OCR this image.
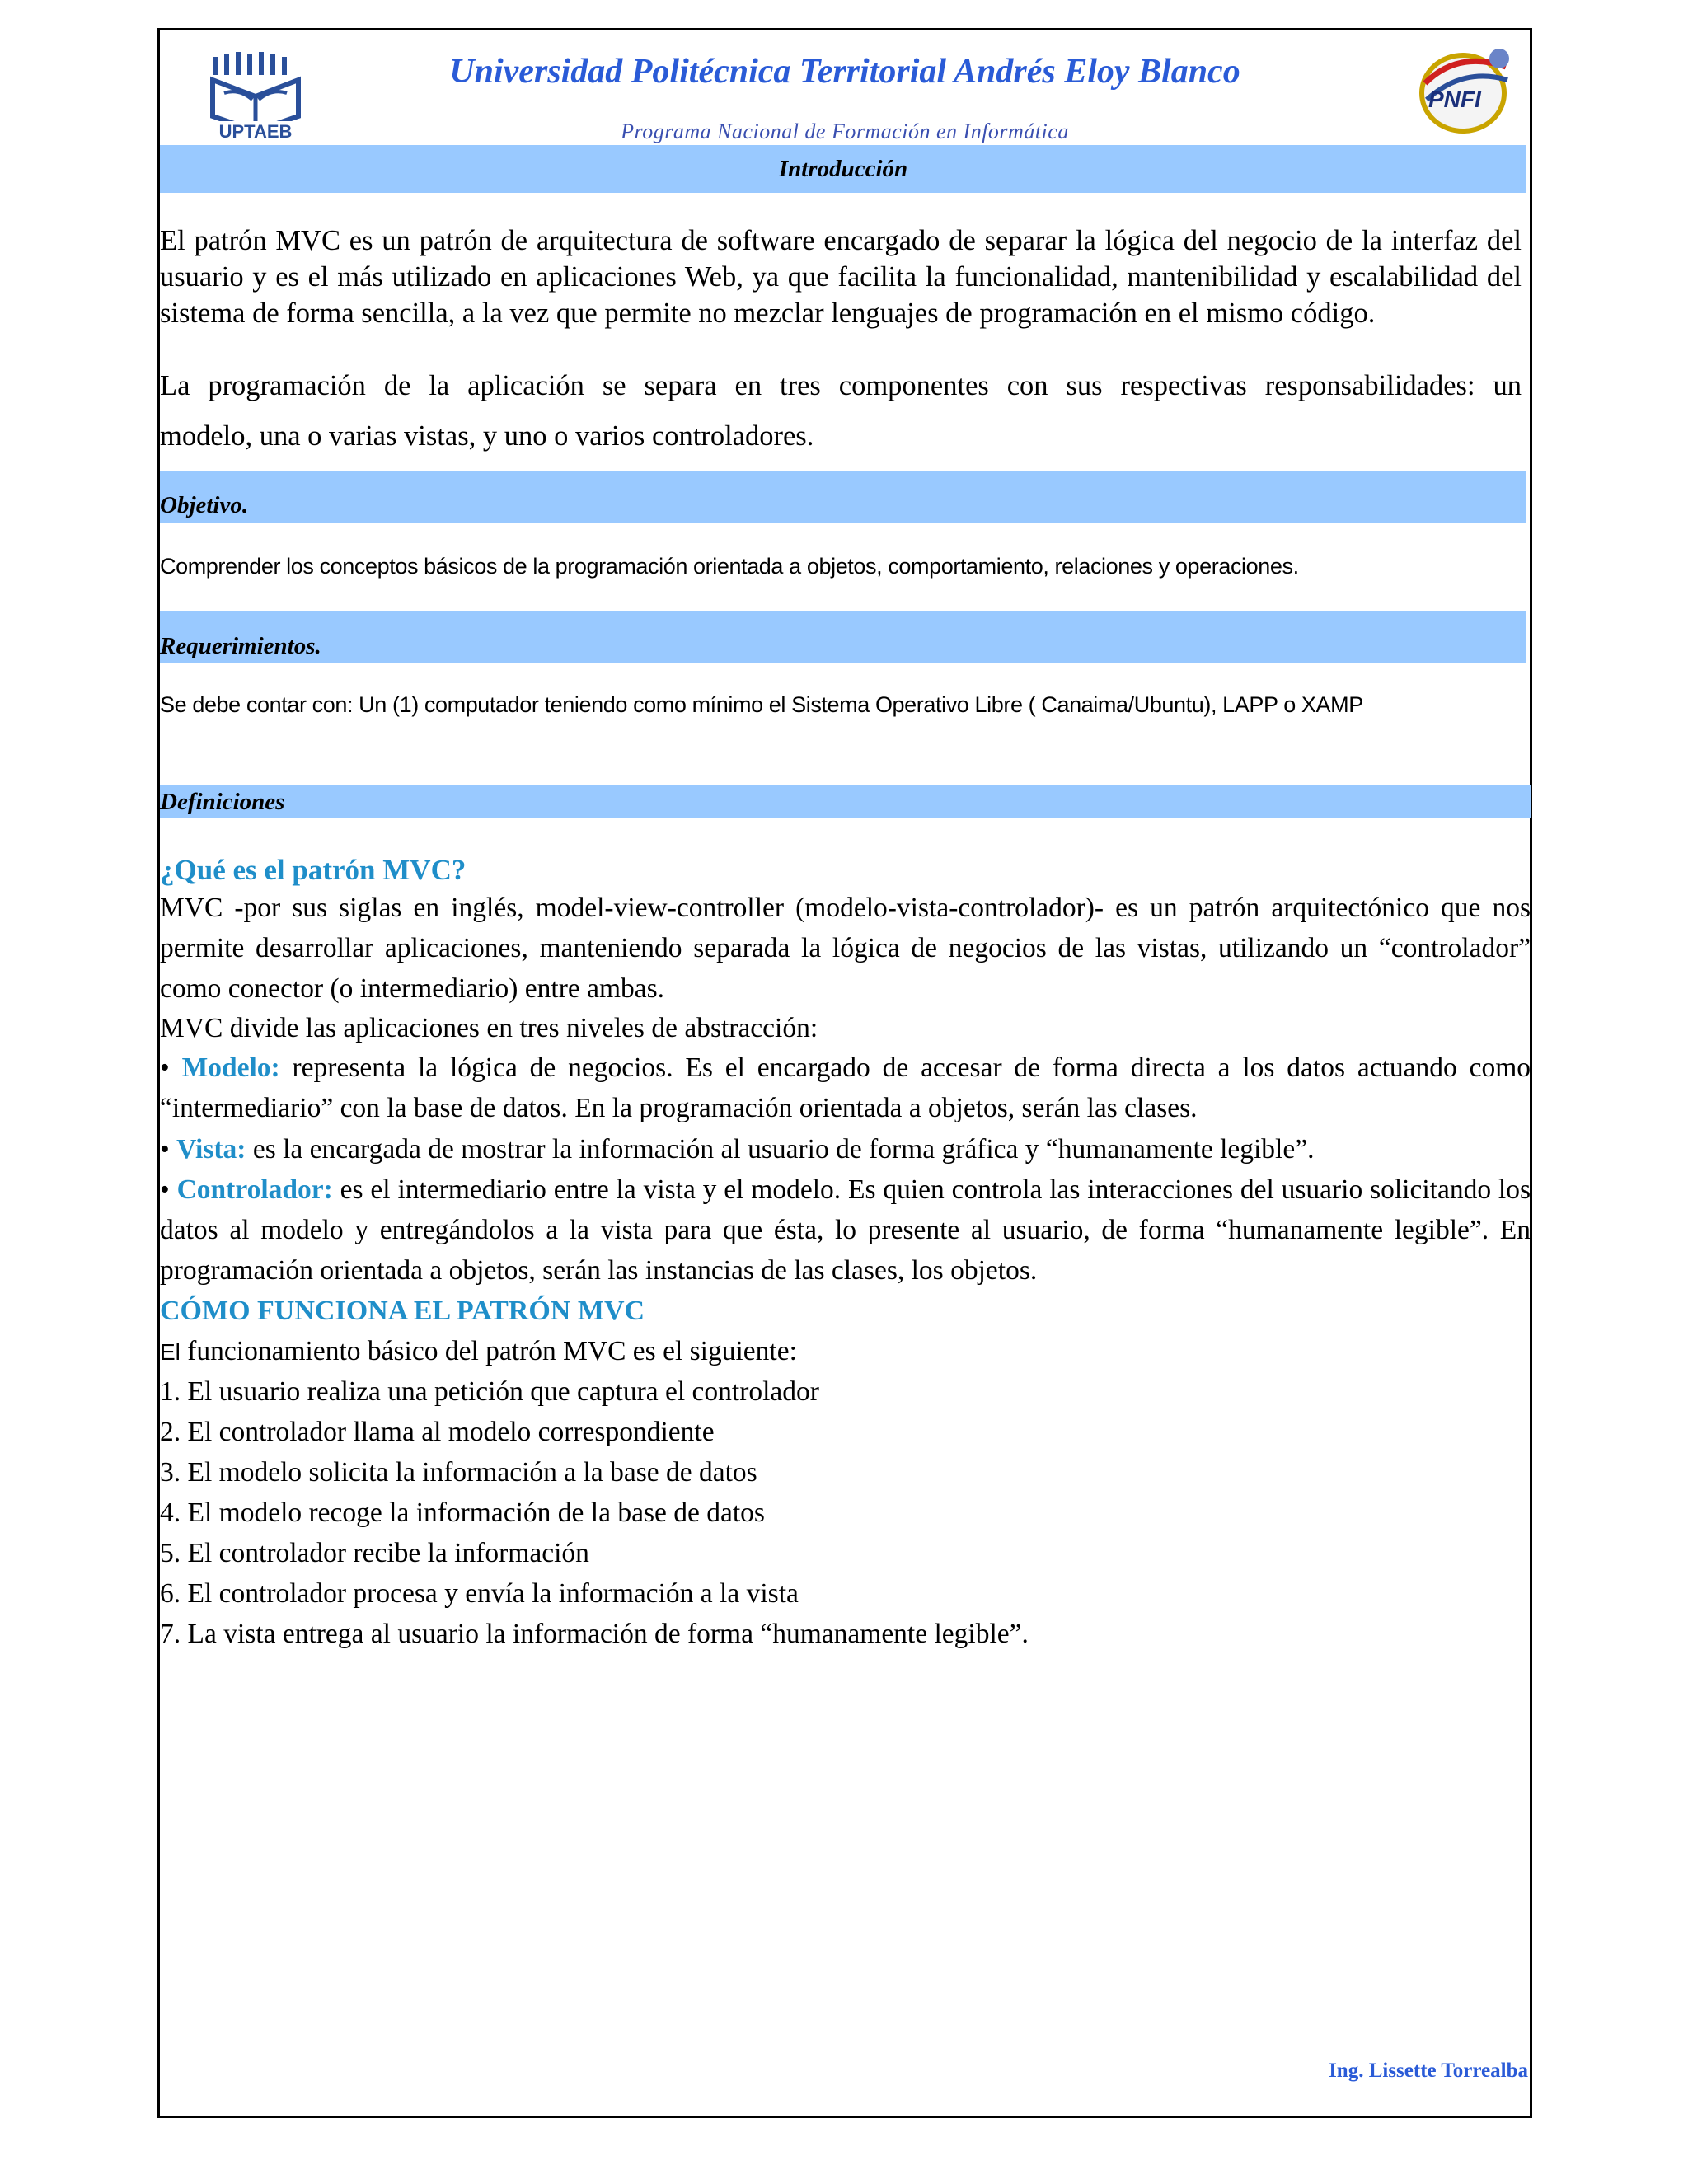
UPTAEB
Universidad Politécnica Territorial Andrés Eloy Blanco
Programa Nacional de Formación en Informática
PNFI
Introducción
El patrón MVC es un patrón de arquitectura de software encargado de separar la lógica del negocio de la interfaz del usuario y es el más utilizado en aplicaciones Web, ya que facilita la funcionalidad, mantenibilidad y escalabilidad del sistema de forma sencilla, a la vez que permite no mezclar lenguajes de programación en el mismo código.
La programación de la aplicación se separa en tres componentes con sus respectivas responsabilidades: un
modelo, una o varias vistas, y uno o varios controladores.
Objetivo.
Comprender los conceptos básicos de la programación orientada a objetos, comportamiento, relaciones y operaciones.
Requerimientos.
Se debe contar con: Un (1) computador teniendo como mínimo el Sistema Operativo Libre ( Canaima/Ubuntu), LAPP o XAMP
Definiciones
¿Qué es el patrón MVC?
MVC -por sus siglas en inglés, model-view-controller (modelo-vista-controlador)- es un patrón arquitectónico que nos permite desarrollar aplicaciones, manteniendo separada la lógica de negocios de las vistas, utilizando un “controlador” como conector (o intermediario) entre ambas.
MVC divide las aplicaciones en tres niveles de abstracción:
• Modelo: representa la lógica de negocios. Es el encargado de accesar de forma directa a los datos actuando como “intermediario” con la base de datos. En la programación orientada a objetos, serán las clases.
• Vista: es la encargada de mostrar la información al usuario de forma gráfica y “humanamente legible”.
• Controlador: es el intermediario entre la vista y el modelo. Es quien controla las interacciones del usuario solicitando los datos al modelo y entregándolos a la vista para que ésta, lo presente al usuario, de forma “humanamente legible”. En programación orientada a objetos, serán las instancias de las clases, los objetos.
CÓMO FUNCIONA EL PATRÓN MVC
El funcionamiento básico del patrón MVC es el siguiente:
1. El usuario realiza una petición que captura el controlador
2. El controlador llama al modelo correspondiente
3. El modelo solicita la información a la base de datos
4. El modelo recoge la información de la base de datos
5. El controlador recibe la información
6. El controlador procesa y envía la información a la vista
7. La vista entrega al usuario la información de forma “humanamente legible”.
Ing. Lissette Torrealba
